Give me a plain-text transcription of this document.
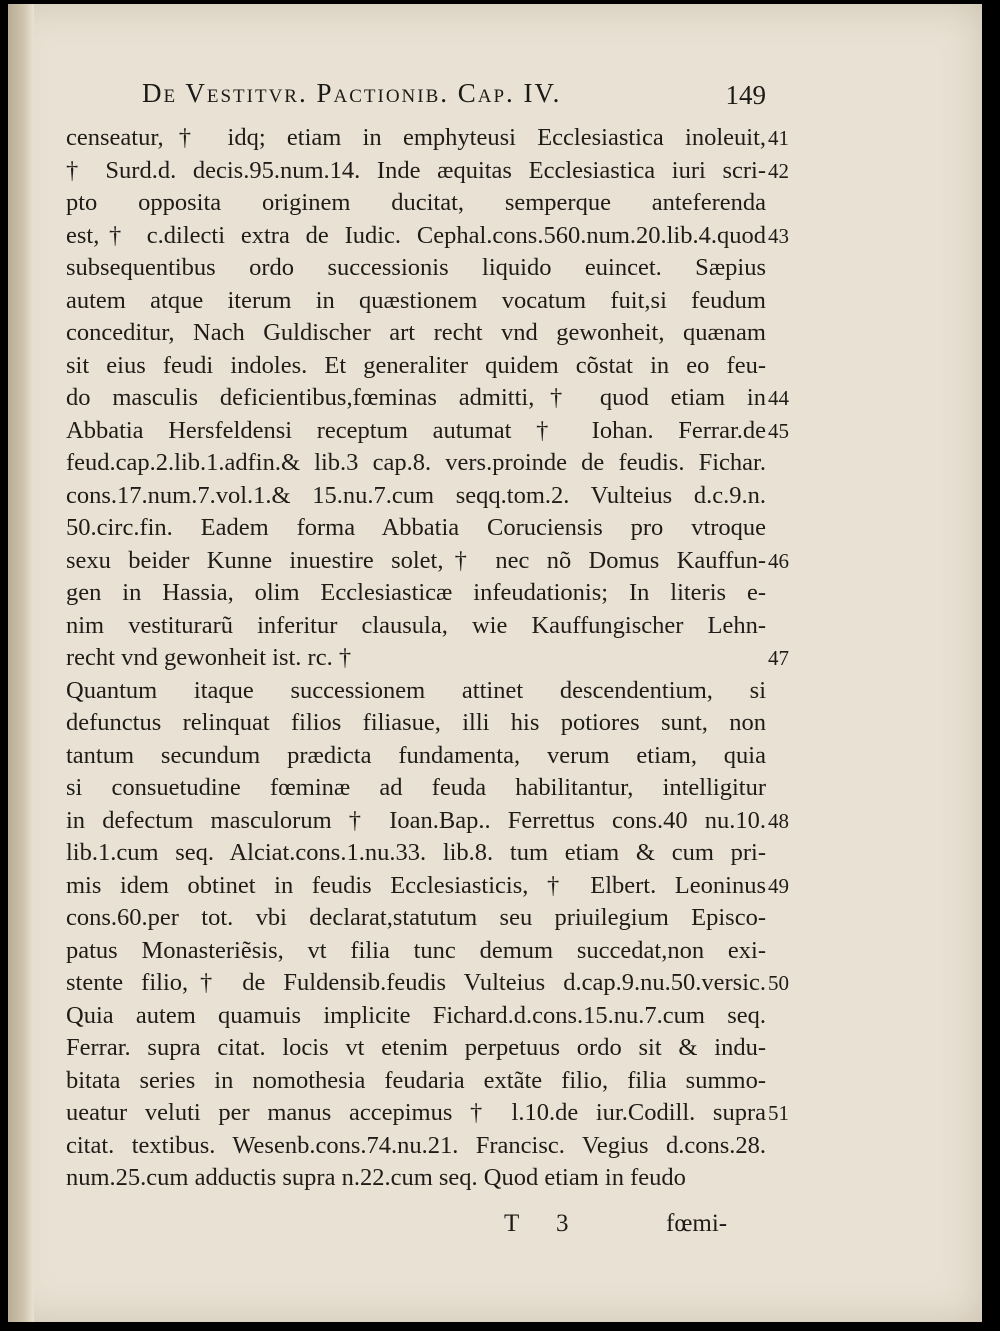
De Vestitvr. Pactionib. Cap. IV.	149
censeatur,† idq; etiam in emphyteusi Ecclesiastica inoleuit,
† Surd.d. decis.95.num.14. Inde æquitas Ecclesiastica iuri scri-
pto opposita originem ducitat, semperque anteferenda
est,† c.dilecti extra de Iudic. Cephal.cons.560.num.20.lib.4.quod
subsequentibus ordo successionis liquido euincet. Sæpius
autem atque iterum in quæstionem vocatum fuit,si feudum
conceditur, Nach Guldischer art recht vnd gewonheit, quænam
sit eius feudi indoles. Et generaliter quidem cõstat in eo feu-
do masculis deficientibus,fœminas admitti,† quod etiam in
Abbatia Hersfeldensi receptum autumat † Iohan. Ferrar.de
feud.cap.2.lib.1.adfin.& lib.3 cap.8. vers.proinde de feudis. Fichar.
cons.17.num.7.vol.1.& 15.nu.7.cum seqq.tom.2. Vulteius d.c.9.n.
50.circ.fin. Eadem forma Abbatia Coruciensis pro vtroque
sexu beider Kunne inuestire solet,† nec nõ Domus Kauffun-
gen in Hassia, olim Ecclesiasticæ infeudationis; In literis e-
nim vestiturarũ inferitur clausula, wie Kauffungischer Lehn-
recht vnd gewonheit ist. rc. †
Quantum itaque successionem attinet descendentium, si
defunctus relinquat filios filiasue, illi his potiores sunt, non
tantum secundum prædicta fundamenta, verum etiam, quia
si consuetudine fœminæ ad feuda habilitantur, intelligitur
in defectum masculorum † Ioan.Bap.. Ferrettus cons.40 nu.10.
lib.1.cum seq. Alciat.cons.1.nu.33. lib.8. tum etiam & cum pri-
mis idem obtinet in feudis Ecclesiasticis, † Elbert. Leoninus
cons.60.per tot. vbi declarat,statutum seu priuilegium Episco-
patus Monasteriẽsis, vt filia tunc demum succedat,non exi-
stente filio,† de Fuldensib.feudis Vulteius d.cap.9.nu.50.versic.
Quia autem quamuis implicite Fichard.d.cons.15.nu.7.cum seq.
Ferrar. supra citat. locis vt etenim perpetuus ordo sit & indu-
bitata series in nomothesia feudaria extãte filio, filia summo-
ueatur veluti per manus accepimus † l.10.de iur.Codill. supra
citat. textibus. Wesenb.cons.74.nu.21. Francisc. Vegius d.cons.28.
num.25.cum adductis supra n.22.cum seq. Quod etiam in feudo
41
42
43
44
45
46
47
48
49
50
51
T 3	fœmi-
